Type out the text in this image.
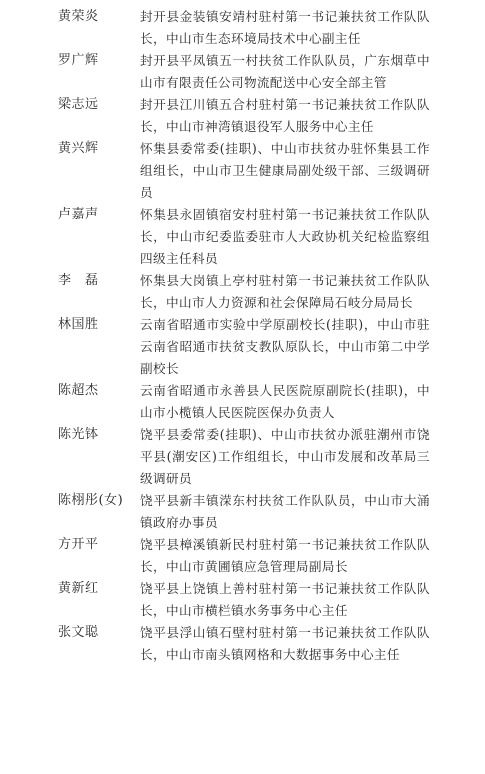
黄荣炎	封开县金装镇安靖村驻村第一书记兼扶贫工作队队长，中山市生态环境局技术中心副主任
罗广辉	封开县平凤镇五一村扶贫工作队队员，广东烟草中山市有限责任公司物流配送中心安全部主管
梁志远	封开县江川镇五合村驻村第一书记兼扶贫工作队队长，中山市神湾镇退役军人服务中心主任
黄兴辉	怀集县委常委(挂职)、中山市扶贫办驻怀集县工作组组长，中山市卫生健康局副处级干部、三级调研员
卢嘉声	怀集县永固镇宿安村驻村第一书记兼扶贫工作队队长，中山市纪委监委驻市人大政协机关纪检监察组四级主任科员
李　磊	怀集县大岗镇上亭村驻村第一书记兼扶贫工作队队长，中山市人力资源和社会保障局石岐分局局长
林国胜	云南省昭通市实验中学原副校长(挂职)，中山市驻云南省昭通市扶贫支教队原队长，中山市第二中学副校长
陈超杰	云南省昭通市永善县人民医院原副院长(挂职)，中山市小榄镇人民医院医保办负责人
陈光钵	饶平县委常委(挂职)、中山市扶贫办派驻潮州市饶平县(潮安区)工作组组长，中山市发展和改革局三级调研员
陈栩彤(女)	饶平县新丰镇溁东村扶贫工作队队员，中山市大涌镇政府办事员
方开平	饶平县樟溪镇新民村驻村第一书记兼扶贫工作队队长，中山市黄圃镇应急管理局副局长
黄新红	饶平县上饶镇上善村驻村第一书记兼扶贫工作队队长，中山市横栏镇水务事务中心主任
张文聪	饶平县浮山镇石壁村驻村第一书记兼扶贫工作队队长，中山市南头镇网格和大数据事务中心主任
